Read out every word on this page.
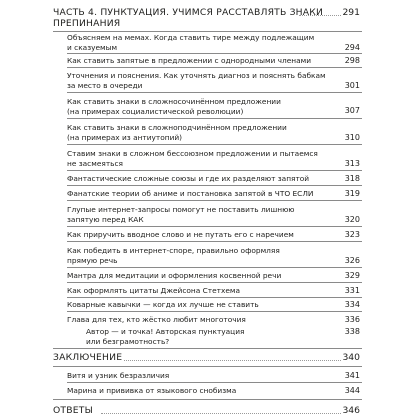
ЧАСТЬ 4. ПУНКТУАЦИЯ. УЧИМСЯ РАССТАВЛЯТЬ ЗНАКИ
ПРЕПИНАНИЯ
291
Объясняем на мемах. Когда ставить тире между подлежащим
и сказуемым	294
Как ставить запятые в предложении с однородными членами	298
Уточнения и пояснения. Как уточнять диагноз и пояснять бабкам
за место в очереди	301
Как ставить знаки в сложносочинённом предложении
(на примерах социалистической революции)	307
Как ставить знаки в сложноподчинённом предложении
(на примерах из антиутопий)	310
Ставим знаки в сложном бессоюзном предложении и пытаемся
не засмеяться	313
Фантастические сложные союзы и где их разделяют запятой	318
Фанатские теории об аниме и постановка запятой в ЧТО ЕСЛИ	319
Глупые интернет-запросы помогут не поставить лишнюю
запятую перед КАК	320
Как приручить вводное слово и не путать его с наречием	323
Как победить в интернет-споре, правильно оформляя
прямую речь	326
Мантра для медитации и оформления косвенной речи	329
Как оформлять цитаты Джейсона Стетхема	331
Коварные кавычки — когда их лучше не ставить	334
Глава для тех, кто жёстко любит многоточия	336
Автор — и точка! Авторская пунктуация
или безграмотность?
338
ЗАКЛЮЧЕНИЕ	340
Витя и узник безразличия	341
Марина и прививка от языкового снобизма	344
ОТВЕТЫ	346
